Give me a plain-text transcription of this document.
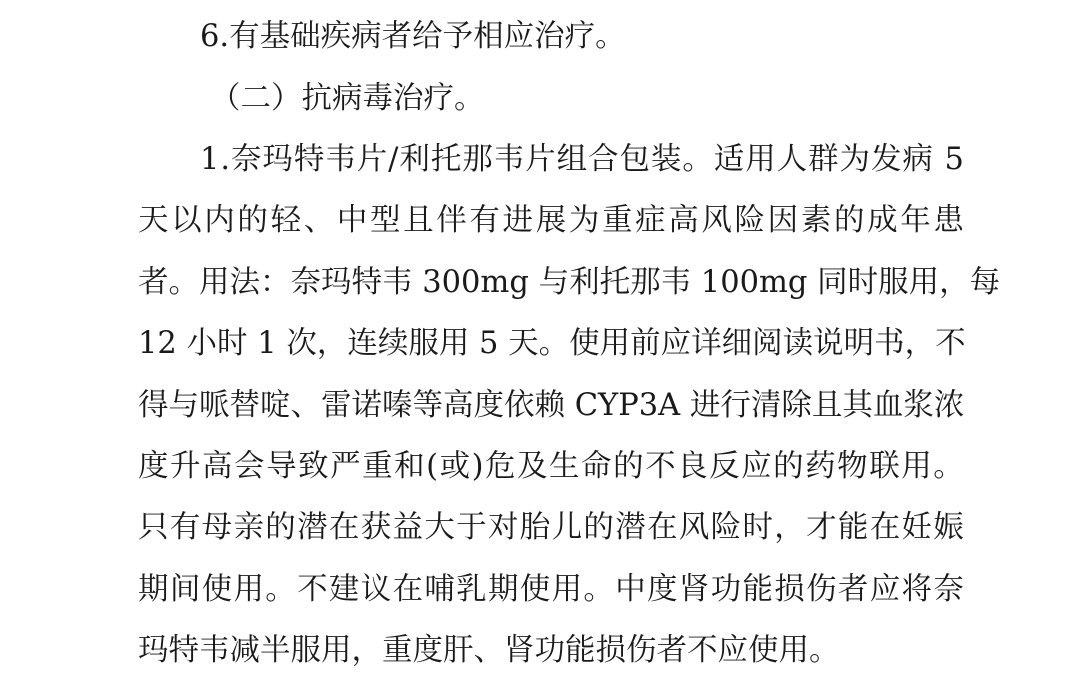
6.有基础疾病者给予相应治疗。
（二）抗病毒治疗。
1 . 奈 玛 特 韦 片 / 利 托 那 韦 片 组 合 包 装 。 适 用 人 群 为 发 病
5
天 以 内 的 轻 、 中 型 且 伴 有 进 展 为 重 症 高 风 险 因 素 的 成 年 患
者 。 用 法 ： 奈 玛 特 韦
3 0 0 m g
与 利 托 那 韦
1 0 0 m g
同 时 服 用 ， 每
1 2
小 时
1
次 ， 连 续 服 用
5
天 。 使 用 前 应 详 细 阅 读 说 明 书 ， 不
得 与 哌 替 啶 、 雷 诺 嗪 等 高 度 依 赖
C Y P 3 A
进 行 清 除 且 其 血 浆 浓
度 升 高 会 导 致 严 重 和 ( 或 ) 危 及 生 命 的 不 良 反 应 的 药 物 联 用 。
只 有 母 亲 的 潜 在 获 益 大 于 对 胎 儿 的 潜 在 风 险 时 ， 才 能 在 妊 娠
期 间 使 用 。 不 建 议 在 哺 乳 期 使 用 。 中 度 肾 功 能 损 伤 者 应 将 奈
玛特韦减半服用，重度肝、肾功能损伤者不应使用。
